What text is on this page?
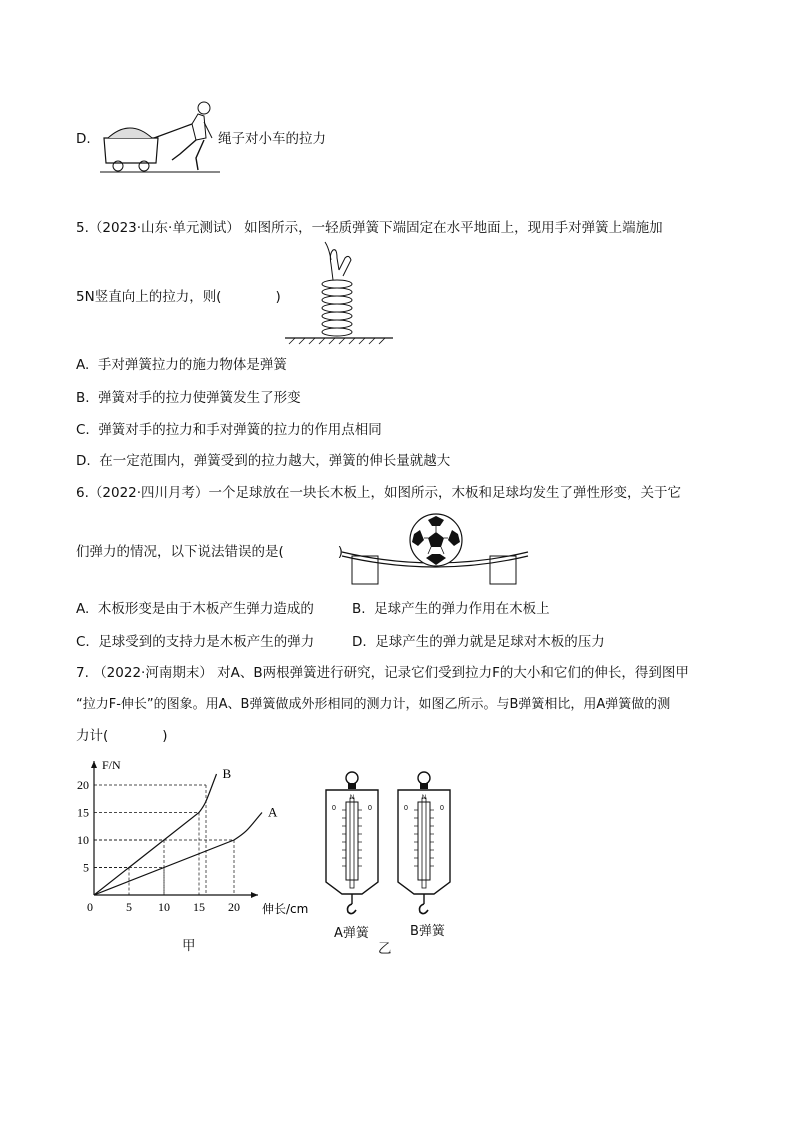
D.	绳子对小车的拉力
5.（2023·山东·单元测试） 如图所示，一轻质弹簧下端固定在水平地面上，现用手对弹簧上端施加
5N竖直向上的拉力，则(　　　　)
A. 手对弹簧拉力的施力物体是弹簧
B. 弹簧对手的拉力使弹簧发生了形变
C. 弹簧对手的拉力和手对弹簧的拉力的作用点相同
D. 在一定范围内，弹簧受到的拉力越大，弹簧的伸长量就越大
6.（2022·四川月考）一个足球放在一块长木板上，如图所示，木板和足球均发生了弹性形变，关于它
们弹力的情况，以下说法错误的是(　　　　)
A. 木板形变是由于木板产生弹力造成的	B. 足球产生的弹力作用在木板上
C. 足球受到的支持力是木板产生的弹力	D. 足球产生的弹力就是足球对木板的压力
7. （2022·河南期末） 对A、B两根弹簧进行研究，记录它们受到拉力F的大小和它们的伸长，得到图甲
“拉力F-伸长”的图象。用A、B弹簧做成外形相同的测力计，如图乙所示。与B弹簧相比，用A弹簧做的测
力计(　　　　)
B
A
0	5 10 15 20
5
10
15
20
F/N
伸长/cm
甲
N	N
0	0	0	0
A弹簧	B弹簧
乙
